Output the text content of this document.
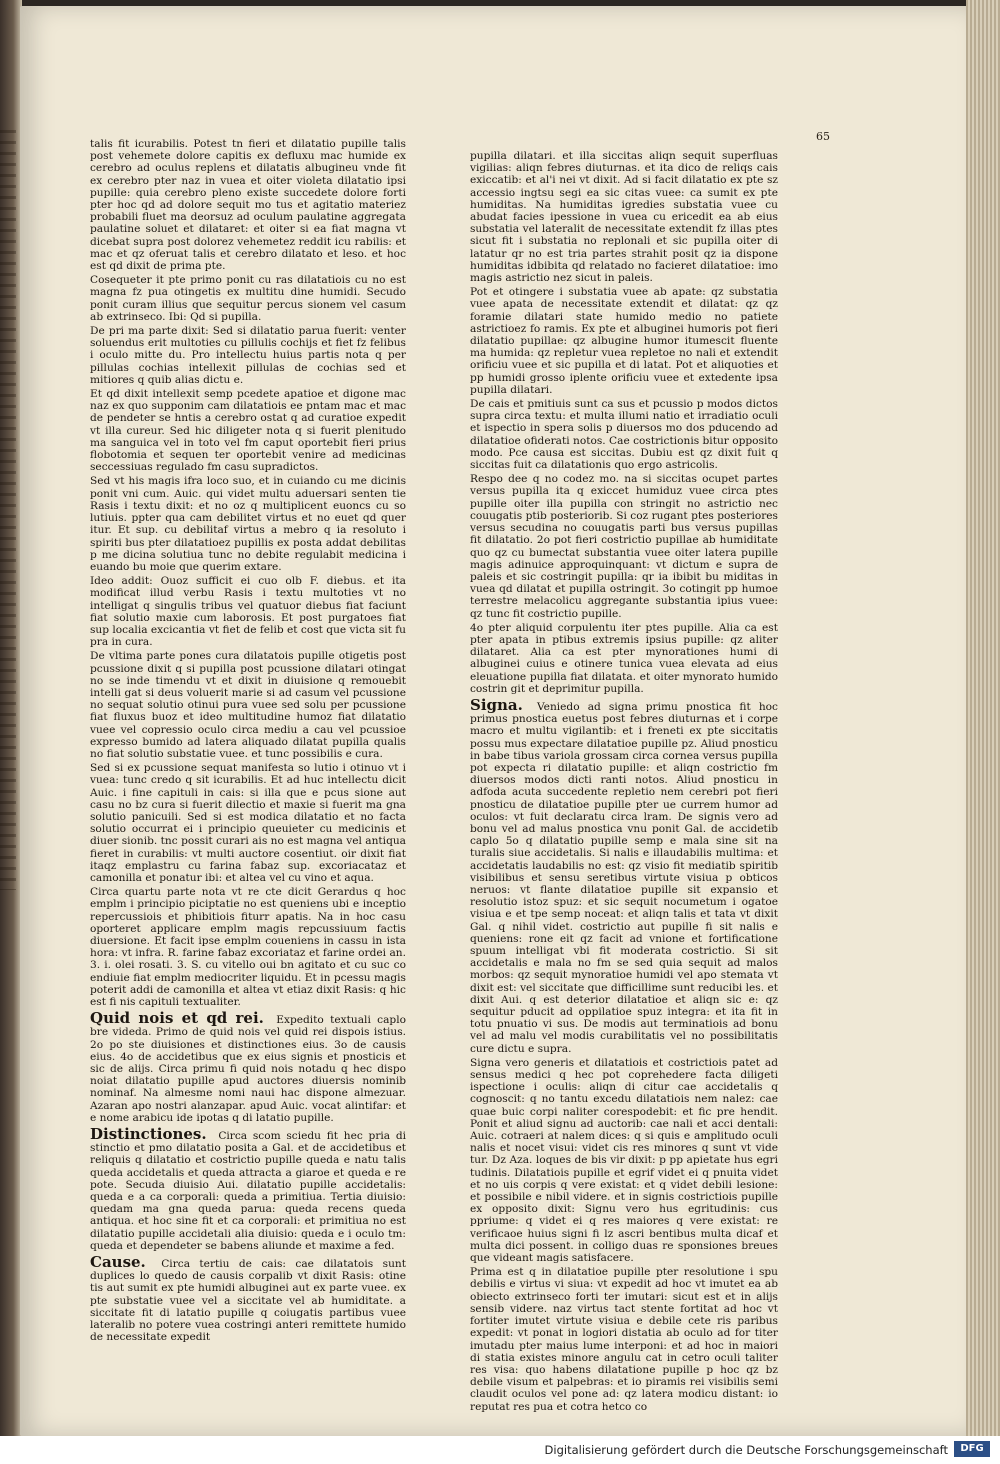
65

talis fit icurabilis. Potest tn fieri et dilatatio pupille talis post vehemete dolore capitis ex defluxu mac humide ex cerebro ad oculus replens et dilatatis albugineu vnde fit ex cerebro pter naz in vuea et oiter violeta dilatatio ipsi pupille: quia cerebro pleno existe succedete dolore forti pter hoc qd ad dolore sequit mo tus et agitatio materiez probabili fluet ma deorsuz ad oculum paulatine aggregata paulatine soluet et dilataret: et oiter si ea fiat magna vt dicebat supra post dolorez vehemetez reddit icu rabilis: et mac et qz oferuat talis et cerebro dilatato et leso. et hoc est qd dixit de prima pte.

Cosequeter it pte primo ponit cu ras dilatatiois cu no est magna fz pua otingetis ex multitu dine humidi. Secudo ponit curam illius que sequitur percus sionem vel casum ab extrinseco. Ibi: Qd si pupilla.

De pri ma parte dixit: Sed si dilatatio parua fuerit: venter soluendus erit multoties cu pillulis cochijs et fiet fz felibus i oculo mitte du. Pro intellectu huius partis nota q per pillulas cochias intellexit pillulas de cochias sed et mitiores q quib alias dictu e.

Et qd dixit intellexit semp pcedete apatioe et digone mac naz ex quo supponim cam dilatatiois ee pntam mac et mac de pendeter se hntis a cerebro ostat q ad curatioe expedit vt illa cureur. Sed hic diligeter nota q si fuerit plenitudo ma sanguica vel in toto vel fm caput oportebit fieri prius flobotomia et sequen ter oportebit venire ad medicinas seccessiuas regulado fm casu supradictos.

Sed vt his magis ifra loco suo, et in cuiando cu me dicinis ponit vni cum. Auic. qui videt multu aduersari senten tie Rasis i textu dixit: et no oz q multiplicent euoncs cu so lutiuis. ppter qua cam debilitet virtus et no euet qd quer itur. Et sup. cu debilitaf virtus a mebro q ia resoluto i spiriti bus pter dilatatioez pupillis ex posta addat debilitas p me dicina solutiua tunc no debite regulabit medicina i euando bu moie que querim extare.

Ideo addit: Ouoz sufficit ei cuo olb F. diebus. et ita modificat illud verbu Rasis i textu multoties vt no intelligat q singulis tribus vel quatuor diebus fiat faciunt fiat solutio maxie cum laborosis. Et post purgatoes fiat sup localia excicantia vt fiet de felib et cost que victa sit fu pra in cura.

De vltima parte pones cura dilatatois pupille otigetis post pcussione dixit q si pupilla post pcussione dilatari otingat no se inde timendu vt et dixit in diuisione q remouebit intelli gat si deus voluerit marie si ad casum vel pcussione no sequat solutio otinui pura vuee sed solu per pcussione fiat fluxus buoz et ideo multitudine humoz fiat dilatatio vuee vel copressio oculo circa mediu a cau vel pcussioe expresso bumido ad latera aliquado dilatat pupilla qualis no fiat solutio substatie vuee. et tunc possibilis e cura.

Sed si ex pcussione sequat manifesta so lutio i otinuo vt i vuea: tunc credo q sit icurabilis. Et ad huc intellectu dicit Auic. i fine capituli in cais: si illa que e pcus sione aut casu no bz cura si fuerit dilectio et maxie si fuerit ma gna solutio panicuili. Sed si est modica dilatatio et no facta solutio occurrat ei i principio queuieter cu medicinis et diuer sionib. tnc possit curari ais no est magna vel antiqua fieret in curabilis: vt multi auctore cosentiut. oir dixit fiat itaqz emplastru cu farina fabaz sup. excoriacataz et camonilla et ponatur ibi: et altea vel cu vino et aqua.

Circa quartu parte nota vt re cte dicit Gerardus q hoc emplm i principio piciptatie no est queniens ubi e inceptio repercussiois et phibitiois fiturr apatis. Na in hoc casu oporteret applicare emplm magis repcussiuum factis diuersione. Et facit ipse emplm coueniens in cassu in ista hora: vt infra. R. farine fabaz excoriataz et farine ordei an. 3. i. olei rosati. 3. S. cu vitello oui bn agitato et cu suc co endiuie fiat emplm mediocriter liquidu. Et in pcessu magis poterit addi de camonilla et altea vt etiaz dixit Rasis: q hic est fi nis capituli textualiter.

Quid nois et qd rei. Expedito textuali caplo bre videda. Primo de quid nois vel quid rei dispois istius. 2o po ste diuisiones et distinctiones eius. 3o de causis eius. 4o de accidetibus que ex eius signis et pnosticis et sic de alijs. Circa primu fi quid nois notadu q hec dispo noiat dilatatio pupille apud auctores diuersis nominib nominaf. Na almesme nomi naui hac dispone almezuar. Azaran apo nostri alanzapar. apud Auic. vocat alintifar: et e nome arabicu ide ipotas q di latatio pupille.

Distinctiones. Circa scom sciedu fit hec pria di stinctio et pmo dilatatio posita a Gal. et de accidetibus et reliquis q dilatatio et costrictio pupille queda e natu talis queda accidetalis et queda attracta a giaroe et queda e re pote. Secuda diuisio Aui. dilatatio pupille accidetalis: queda e a ca corporali: queda a primitiua. Tertia diuisio: quedam ma gna queda parua: queda recens queda antiqua. et hoc sine fit et ca corporali: et primitiua no est dilatatio pupille accidetali alia diuisio: queda e i oculo tm: queda et dependeter se babens aliunde et maxime a fed.

Cause. Circa tertiu de cais: cae dilatatois sunt duplices lo quedo de causis corpalib vt dixit Rasis: otine tis aut sumit ex pte humidi albuginei aut ex parte vuee. ex pte substatie vuee vel a siccitate vel ab humiditate. a siccitate fit di latatio pupille q coiugatis partibus vuee lateralib no potere vuea costringi anteri remittete humido de necessitate expedit

pupilla dilatari. et illa siccitas aliqn sequit superfluas vigilias: aliqn febres diuturnas. et ita dico de reliqs cais exiccatib: et al'i nei vt dixit. Ad si facit dilatatio ex pte sz accessio ingtsu segi ea sic citas vuee: ca sumit ex pte humiditas. Na humiditas igredies substatia vuee cu abudat facies ipessione in vuea cu ericedit ea ab eius substatia vel lateralit de necessitate extendit fz illas ptes sicut fit i substatia no replonali et sic pupilla oiter di latatur qr no est tria partes strahit posit qz ia dispone humiditas idbibita qd relatado no facieret dilatatioe: imo magis astrictio nez sicut in paleis.

Pot et otingere i substatia vuee ab apate: qz substatia vuee apata de necessitate extendit et dilatat: qz qz foramie dilatari state humido medio no patiete astrictioez fo ramis. Ex pte et albuginei humoris pot fieri dilatatio pupillae: qz albugine humor itumescit fluente ma humida: qz repletur vuea repletoe no nali et extendit orificiu vuee et sic pupilla et di latat. Pot et aliquoties et pp humidi grosso iplente orificiu vuee et extedente ipsa pupilla dilatari.

De cais et pmitiuis sunt ca sus et pcussio p modos dictos supra circa textu: et multa illumi natio et irradiatio oculi et ispectio in spera solis p diuersos mo dos pducendo ad dilatatioe ofiderati notos. Cae costrictionis bitur opposito modo. Pce causa est siccitas. Dubiu est qz dixit fuit q siccitas fuit ca dilatationis quo ergo astricolis.

Respo dee q no codez mo. na si siccitas ocupet partes versus pupilla ita q exiccet humiduz vuee circa ptes pupille oiter illa pupilla con stringit no astrictio nec couugatis ptib posteriorib. Si coz rugant ptes posteriores versus secudina no couugatis parti bus versus pupillas fit dilatatio. 2o pot fieri costrictio pupillae ab humiditate quo qz cu bumectat substantia vuee oiter latera pupille magis adinuice approquinquant: vt dictum e supra de paleis et sic costringit pupilla: qr ia ibibit bu miditas in vuea qd dilatat et pupilla ostringit. 3o cotingit pp humoe terrestre melacolicu aggregante substantia ipius vuee: qz tunc fit costrictio pupille.

4o pter aliquid corpulentu iter ptes pupille. Alia ca est pter apata in ptibus extremis ipsius pupille: qz aliter dilataret. Alia ca est pter mynorationes humi di albuginei cuius e otinere tunica vuea elevata ad eius eleuatione pupilla fiat dilatata. et oiter mynorato humido costrin git et deprimitur pupilla.

Signa. Veniedo ad signa primu pnostica fit hoc primus pnostica euetus post febres diuturnas et i corpe macro et multu vigilantib: et i freneti ex pte siccitatis possu mus expectare dilatatioe pupille pz. Aliud pnosticu in babe tibus variola grossam circa cornea versus pupilla pot expecta ri dilatatio pupille: et aliqn costrictio fm diuersos modos dicti ranti notos. Aliud pnosticu in adfoda acuta succedente repletio nem cerebri pot fieri pnosticu de dilatatioe pupille pter ue currem humor ad oculos: vt fuit declaratu circa lram. De signis vero ad bonu vel ad malus pnostica vnu ponit Gal. de accidetib caplo 5o q dilatatio pupille semp e mala sine sit na turalis siue accidetalis. Si nalis e illaudabilis multima: et accidetatis laudabilis no est: qz visio fit mediatib spiritib visibilibus et sensu seretibus virtute visiua p obticos neruos: vt flante dilatatioe pupille sit expansio et resolutio istoz spuz: et sic sequit nocumetum i ogatoe visiua e et tpe semp noceat: et aliqn talis et tata vt dixit Gal. q nihil videt. costrictio aut pupille fi sit nalis e queniens: rone eit qz facit ad vnione et fortificatione spuum intelligat vbi fit moderata costrictio. Si sit accidetalis e mala no fm se sed quia sequit ad malos morbos: qz sequit mynoratioe humidi vel apo stemata vt dixit est: vel siccitate que difficillime sunt reducibi les. et dixit Aui. q est deterior dilatatioe et aliqn sic e: qz sequitur pducit ad oppilatioe spuz integra: et ita fit in totu pnuatio vi sus. De modis aut terminatiois ad bonu vel ad malu vel modis curabilitatis vel no possibilitatis cure dictu e supra.

Signa vero generis et dilatatiois et costrictiois patet ad sensus medici q hec pot coprehedere facta diligeti ispectione i oculis: aliqn di citur cae accidetalis q cognoscit: q no tantu excedu dilatatiois nem nalez: cae quae buic corpi naliter corespodebit: et fic pre hendit. Ponit et aliud signu ad auctorib: cae nali et acci dentali: Auic. cotraeri at nalem dices: q si quis e amplitudo oculi nalis et nocet visui: videt cis res minores q sunt vt vide tur. Dz Aza. loques de bis vir dixit: p pp apietate hus egri tudinis. Dilatatiois pupille et egrif videt ei q pnuita videt et no uis corpis q vere existat: et q videt debili lesione: et possibile e nibil videre. et in signis costrictiois pupille ex opposito dixit: Signu vero hus egritudinis: cus ppriume: q videt ei q res maiores q vere existat: re verificaoe huius signi fi lz ascri bentibus multa dicaf et multa dici possent. in colligo duas re sponsiones breues que videant magis satisfacere.

Prima est q in dilatatioe pupille pter resolutione i spu debilis e virtus vi siua: vt expedit ad hoc vt imutet ea ab obiecto extrinseco forti ter imutari: sicut est et in alijs sensib videre. naz virtus tact stente fortitat ad hoc vt fortiter imutet virtute visiua e debile cete ris paribus expedit: vt ponat in logiori distatia ab oculo ad for titer imutadu pter maius lume interponi: et ad hoc in maiori di statia existes minore angulu cat in cetro oculi taliter res visa: quo habens dilatatione pupille p hoc qz bz debile visum et palpebras: et io piramis rei visibilis semi claudit oculos vel pone ad: qz latera modicu distant: io reputat res pua et cotra hetco co

Digitalisierung gefördert durch die Deutsche Forschungsgemeinschaft	DFG
